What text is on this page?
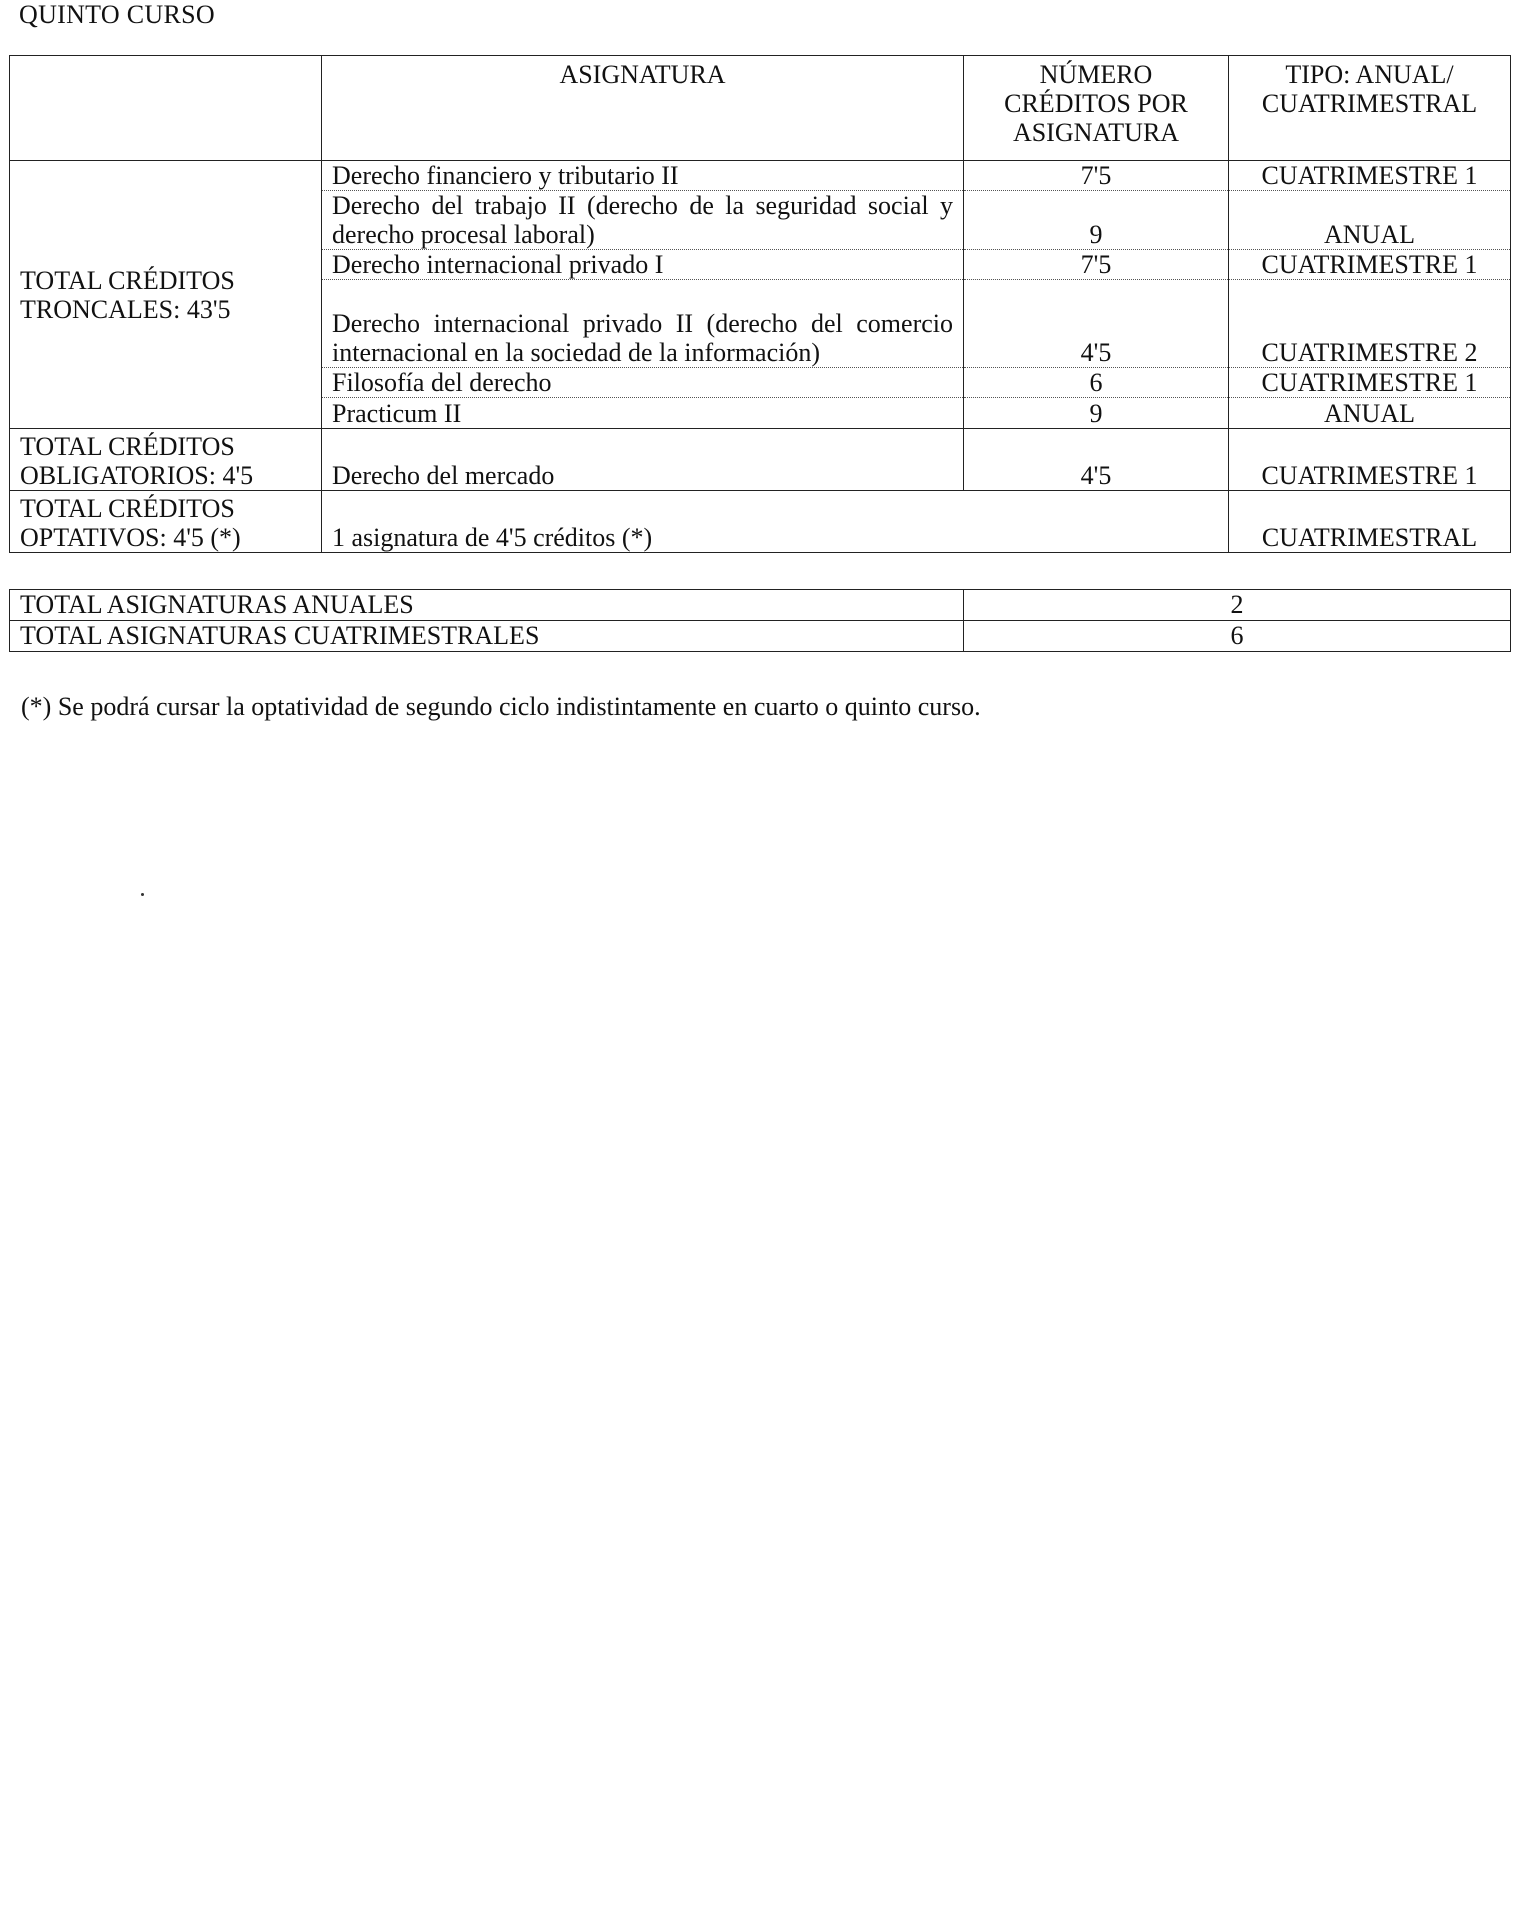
QUINTO CURSO
	ASIGNATURA	NÚMERO CRÉDITOS POR ASIGNATURA	TIPO: ANUAL/ CUATRIMESTRAL
TOTAL CRÉDITOS TRONCALES: 43'5	Derecho financiero y tributario II	7'5	CUATRIMESTRE 1
	Derecho del trabajo II (derecho de la seguridad social y derecho procesal laboral)	9	ANUAL
	Derecho internacional privado I	7'5	CUATRIMESTRE 1
	Derecho internacional privado II (derecho del comercio internacional en la sociedad de la información)	4'5	CUATRIMESTRE 2
	Filosofía del derecho	6	CUATRIMESTRE 1
	Practicum II	9	ANUAL
TOTAL CRÉDITOS OBLIGATORIOS: 4'5	Derecho del mercado	4'5	CUATRIMESTRE 1
TOTAL CRÉDITOS OPTATIVOS: 4'5 (*)	1 asignatura de 4'5 créditos (*)		CUATRIMESTRAL
TOTAL ASIGNATURAS ANUALES	2
TOTAL ASIGNATURAS CUATRIMESTRALES	6
(*) Se podrá cursar la optatividad de segundo ciclo indistintamente en cuarto o quinto curso.
